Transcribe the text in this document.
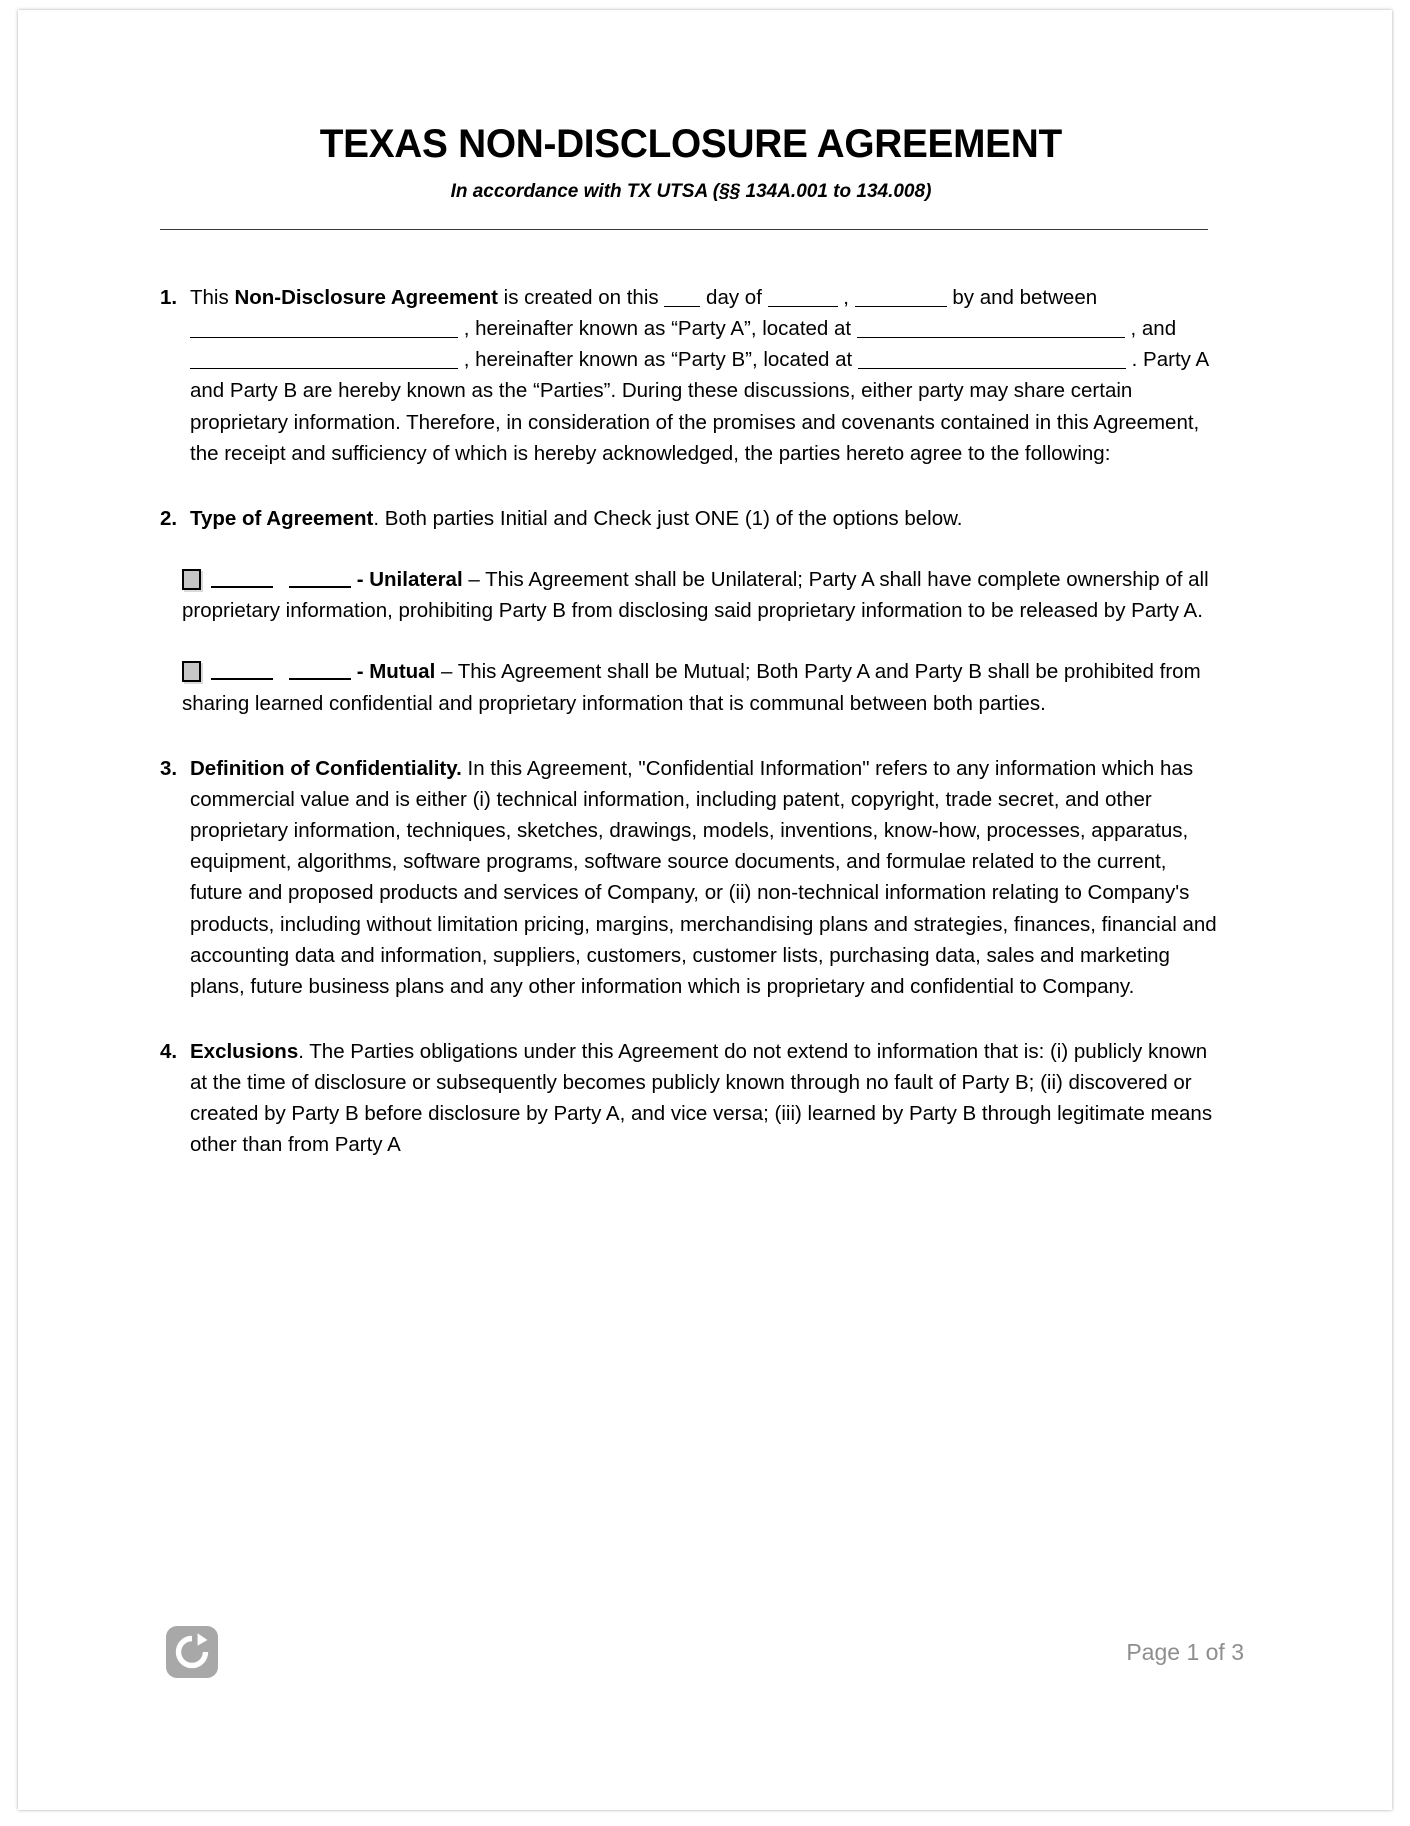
TEXAS NON-DISCLOSURE AGREEMENT

In accordance with TX UTSA (§§ 134A.001 to 134.008)

1. This Non-Disclosure Agreement is created on this  day of	,	by and between  , hereinafter known as “Party A”, located at	, and  , hereinafter known as “Party B”, located at	. Party A and Party B are hereby known as the “Parties”. During these discussions, either party may share certain proprietary information. Therefore, in consideration of the promises and covenants contained in this Agreement, the receipt and sufficiency of which is hereby acknowledged, the parties hereto agree to the following:
2. Type of Agreement. Both parties Initial and Check just ONE (1) of the options below.
- Unilateral – This Agreement shall be Unilateral; Party A shall have complete ownership of all proprietary information, prohibiting Party B from disclosing said proprietary information to be released by Party A.
- Mutual – This Agreement shall be Mutual; Both Party A and Party B shall be prohibited from sharing learned confidential and proprietary information that is communal between both parties.
3. Definition of Confidentiality. In this Agreement, "Confidential Information" refers to any information which has commercial value and is either (i) technical information, including patent, copyright, trade secret, and other proprietary information, techniques, sketches, drawings, models, inventions, know-how, processes, apparatus, equipment, algorithms, software programs, software source documents, and formulae related to the current, future and proposed products and services of Company, or (ii) non-technical information relating to Company's products, including without limitation pricing, margins, merchandising plans and strategies, finances, financial and accounting data and information, suppliers, customers, customer lists, purchasing data, sales and marketing plans, future business plans and any other information which is proprietary and confidential to Company.
4. Exclusions. The Parties obligations under this Agreement do not extend to information that is: (i) publicly known at the time of disclosure or subsequently becomes publicly known through no fault of Party B; (ii) discovered or created by Party B before disclosure by Party A, and vice versa; (iii) learned by Party B through legitimate means other than from Party A
Page 1 of 3
